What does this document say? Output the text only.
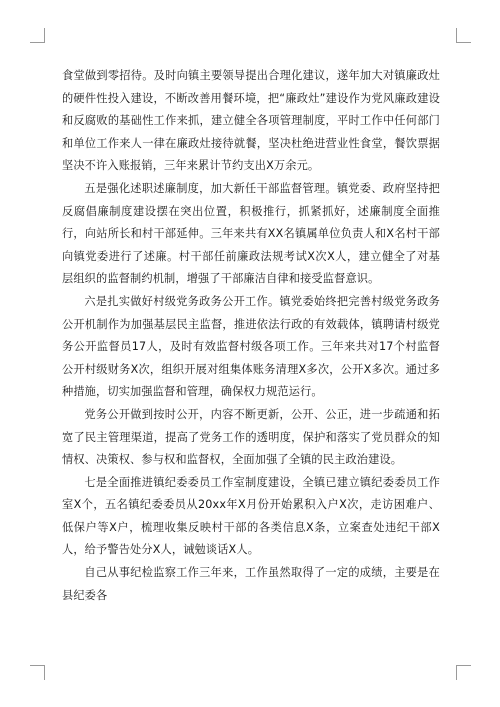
食堂做到零招待。及时向镇主要领导提出合理化建议，遂年加大对镇廉政灶的硬件性投入建设，不断改善用餐环境，把“廉政灶”建设作为党风廉政建设和反腐败的基础性工作来抓，建立健全各项管理制度，平时工作中任何部门和单位工作来人一律在廉政灶接待就餐，坚决杜绝进营业性食堂，餐饮票据坚决不许入账报销，三年来累计节约支出X万余元。

五是强化述职述廉制度，加大新任干部监督管理。镇党委、政府坚持把反腐倡廉制度建设摆在突出位置，积极推行，抓紧抓好，述廉制度全面推行，向站所长和村干部延伸。三年来共有XX名镇属单位负责人和X名村干部向镇党委进行了述廉。村干部任前廉政法规考试X次X人，建立健全了对基层组织的监督制约机制，增强了干部廉洁自律和接受监督意识。

六是扎实做好村级党务政务公开工作。镇党委始终把完善村级党务政务公开机制作为加强基层民主监督，推进依法行政的有效载体，镇聘请村级党务公开监督员17人，及时有效监督村级各项工作。三年来共对17个村监督公开村级财务X次，组织开展对组集体账务清理X多次，公开X多次。通过多种措施，切实加强监督和管理，确保权力规范运行。

党务公开做到按时公开，内容不断更新，公开、公正，进一步疏通和拓宽了民主管理渠道，提高了党务工作的透明度，保护和落实了党员群众的知情权、决策权、参与权和监督权，全面加强了全镇的民主政治建设。

七是全面推进镇纪委委员工作室制度建设，全镇已建立镇纪委委员工作室X个，五名镇纪委委员从20xx年X月份开始累积入户X次，走访困难户、低保户等X户，梳理收集反映村干部的各类信息X条，立案查处违纪干部X人，给予警告处分X人，诫勉谈话X人。

自己从事纪检监察工作三年来，工作虽然取得了一定的成绩，主要是在县纪委各
